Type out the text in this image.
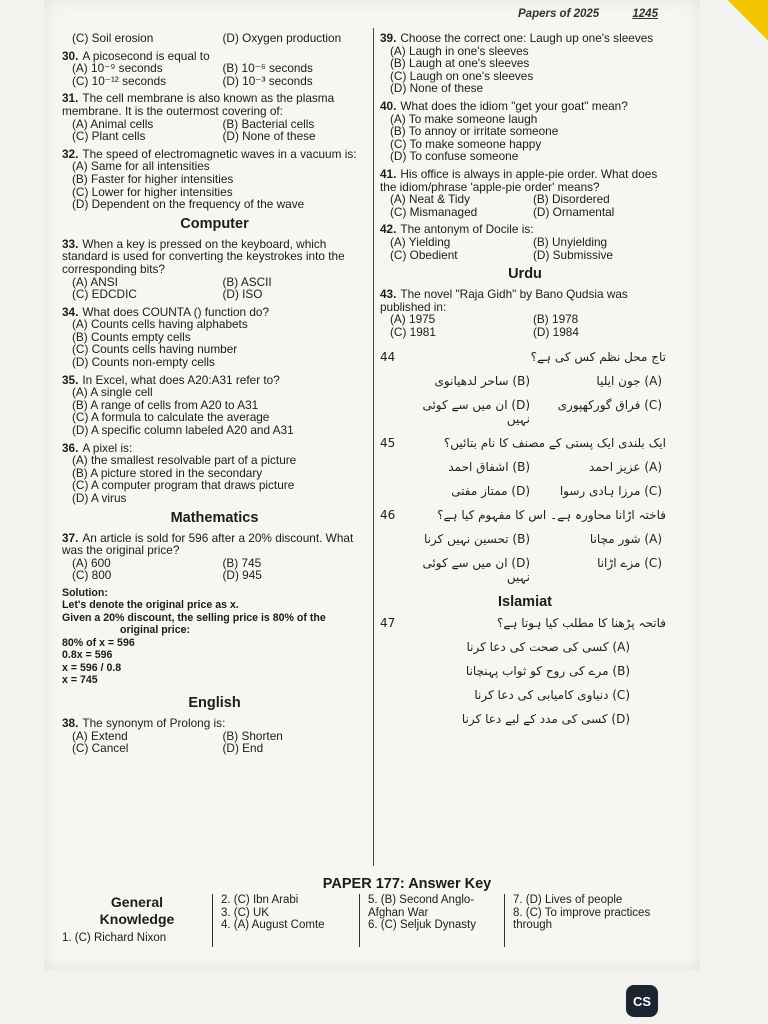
Papers of 2025	1245
(C) Soil erosion	(D) Oxygen production
30. A picosecond is equal to
(A) 10⁻⁹ seconds	(B) 10⁻⁶ seconds
(C) 10⁻¹² seconds	(D) 10⁻³ seconds
31. The cell membrane is also known as the plasma membrane. It is the outermost covering of:
(A) Animal cells	(B) Bacterial cells
(C) Plant cells	(D) None of these
32. The speed of electromagnetic waves in a vacuum is:
(A) Same for all intensities
(B) Faster for higher intensities
(C) Lower for higher intensities
(D) Dependent on the frequency of the wave
Computer
33. When a key is pressed on the keyboard, which standard is used for converting the keystrokes into the corresponding bits?
(A) ANSI	(B) ASCII
(C) EDCDIC	(D) ISO
34. What does COUNTA () function do?
(A) Counts cells having alphabets
(B) Counts empty cells
(C) Counts cells having number
(D) Counts non-empty cells
35. In Excel, what does A20:A31 refer to?
(A) A single cell
(B) A range of cells from A20 to A31
(C) A formula to calculate the average
(D) A specific column labeled A20 and A31
36. A pixel is:
(A) the smallest resolvable part of a picture
(B) A picture stored in the secondary
(C) A computer program that draws picture
(D) A virus
Mathematics
37. An article is sold for 596 after a 20% discount. What was the original price?
(A) 600	(B) 745
(C) 800	(D) 945

Solution:

Let's denote the original price as x.

Given a 20% discount, the selling price is 80% of the

original price:

80% of x = 596

0.8x = 596

x = 596 / 0.8

x = 745

English
38. The synonym of Prolong is:
(A) Extend	(B) Shorten
(C) Cancel	(D) End
39. Choose the correct one: Laugh up one's sleeves
(A) Laugh in one's sleeves
(B) Laugh at one's sleeves
(C) Laugh on one's sleeves
(D) None of these
40. What does the idiom "get your goat" mean?
(A) To make someone laugh
(B) To annoy or irritate someone
(C) To make someone happy
(D) To confuse someone
41. His office is always in apple-pie order. What does the idiom/phrase 'apple-pie order' means?
(A) Neat & Tidy	(B) Disordered
(C) Mismanaged	(D) Ornamental
42. The antonym of Docile is:
(A) Yielding	(B) Unyielding
(C) Obedient	(D) Submissive
Urdu
43. The novel "Raja Gidh" by Bano Qudsia was published in:
(A) 1975	(B) 1978
(C) 1981	(D) 1984
44	تاج محل نظم کس کی ہے؟
(B) ساحر لدھیانوی	(A) جون ایلیا
(D) ان میں سے کوئی نہیں
(C) فراق گورکھپوری
45	ایک بلندی ایک پستی کے مصنف کا نام بتائیں؟
(B) اشفاق احمد	(A) عزیز احمد
(D) ممتاز مفتی	(C) مرزا ہادی رسوا
46	فاختہ اڑانا محاورہ ہے۔ اس کا مفہوم کیا ہے؟
(B) تحسین نہیں کرنا	(A) شور مچانا
(D) ان میں سے کوئی نہیں
(C) مزے اڑانا
Islamiat
47	فاتحہ پڑھنا کا مطلب کیا ہوتا ہے؟
(A) کسی کی صحت کی دعا کرنا
(B) مرے کی روح کو ثواب پہنچانا
(C) دنیاوی کامیابی کی دعا کرنا
(D) کسی کی مدد کے لیے دعا کرنا
PAPER 177: Answer Key
General
Knowledge
1. (C) Richard Nixon
2. (C) Ibn Arabi
3. (C) UK
4. (A) August Comte
5. (B) Second Anglo-Afghan War
6. (C) Seljuk Dynasty
7. (D) Lives of people
8. (C) To improve practices through
CS
